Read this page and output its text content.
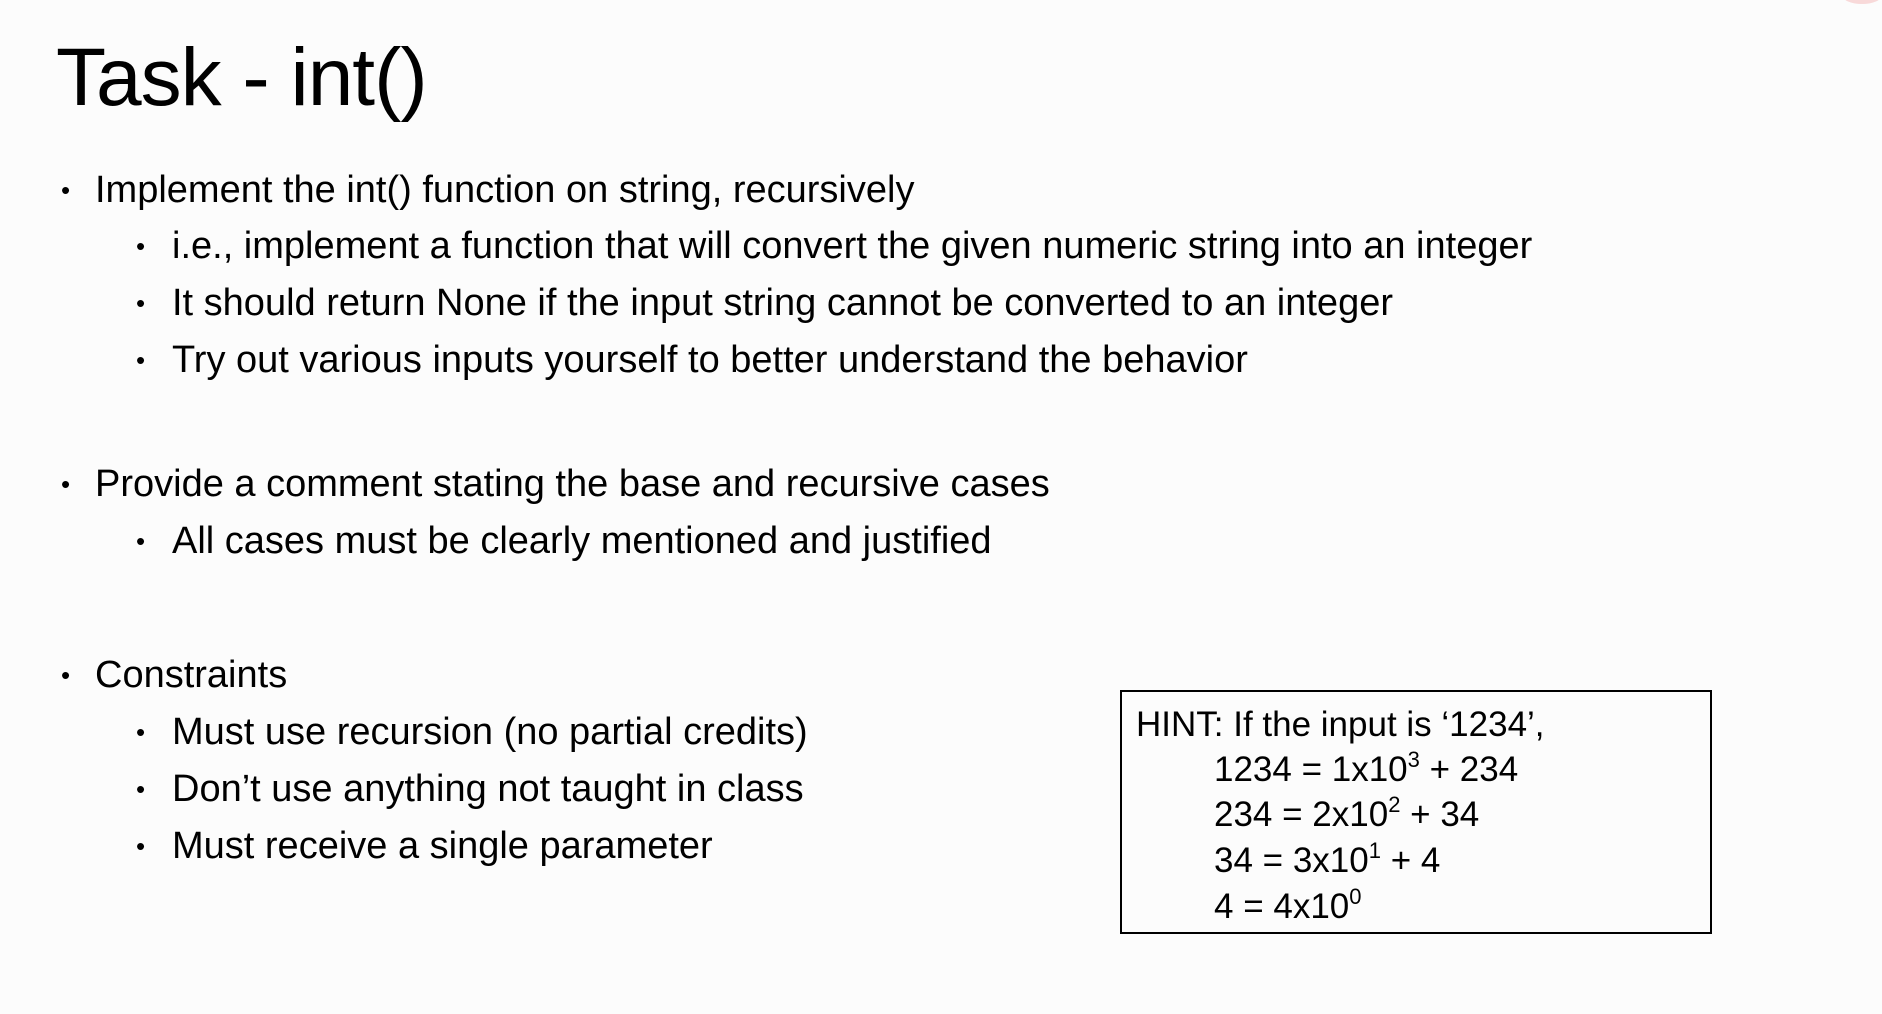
Task - int()
• Implement the int() function on string, recursively
• i.e., implement a function that will convert the given numeric string into an integer
• It should return None if the input string cannot be converted to an integer
• Try out various inputs yourself to better understand the behavior
• Provide a comment stating the base and recursive cases
• All cases must be clearly mentioned and justified
• Constraints
• Must use recursion (no partial credits)
• Don’t use anything not taught in class
• Must receive a single parameter
HINT: If the input is ‘1234’,
$1234 = 1x10^3 + 234$
$234 = 2x10^2 + 34$
$34 = 3x10^1 + 4$
$4 = 4x10^0$
